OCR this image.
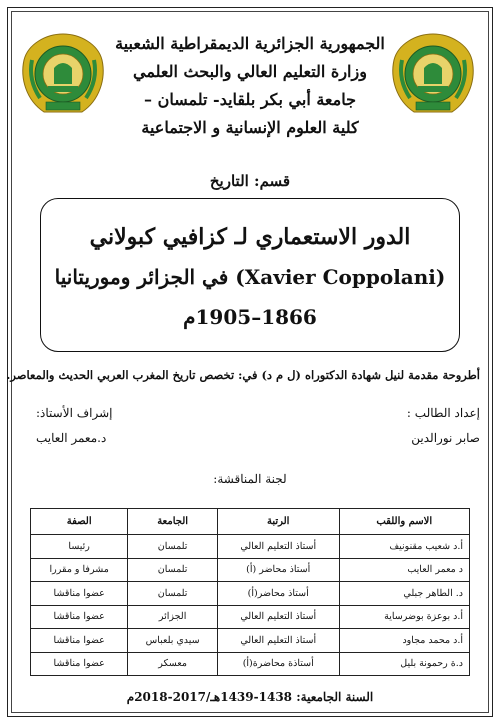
الجمهورية الجزائرية الديمقراطية الشعبية
وزارة التعليم العالي والبحث العلمي
جامعة أبي بكر بلقايد- تلمسان –
كلية العلوم الإنسانية و الاجتماعية
قسم: التاريخ
الدور الاستعماري لـ كزافيي كبولاني
(Xavier Coppolani) في الجزائر وموريتانيا
1866–1905م
أطروحة مقدمة لنيل شهادة الدكتوراه (ل م د) في: تخصص تاريخ المغرب العربي الحديث والمعاصر.
إعداد الطالب :
صابر نورالدين
إشراف الأستاذ:
د.معمر العايب
لجنة المناقشة:
الاسم واللقب	الرتبة	الجامعة	الصفة
أ.د شعيب مقنونيف	أستاذ التعليم العالي	تلمسان	رئيسا
د معمر العايب	أستاذ محاضر (أ)	تلمسان	مشرفا و مقررا
د. الطاهر جبلي	أستاذ محاضر(أ)	تلمسان	عضوا مناقشا
أ.د بوعزة بوضرساية	أستاذ التعليم العالي	الجزائر	عضوا مناقشا
أ.د محمد مجاود	أستاذ التعليم العالي	سيدي بلعباس	عضوا مناقشا
د.ة رحمونة بليل	أستاذة محاضرة(أ)	معسكر	عضوا مناقشا
السنة الجامعية: 1438-1439هـ/2017-2018م
